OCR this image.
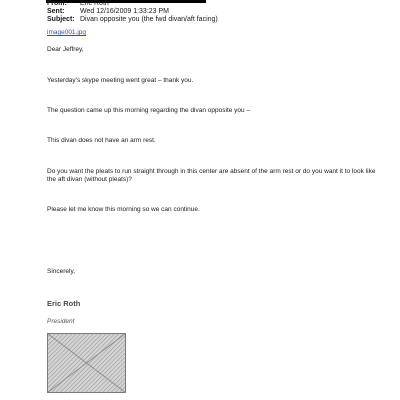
From: Eric Roth
Sent: Wed 12/16/2009 1:33:23 PM
Subject: Divan opposite you (the fwd divan/aft facing)
image001.jpg
Dear Jeffrey,
Yesterday’s skype meeting went great – thank you.
The question came up this morning regarding the divan opposite you –
This divan does not have an arm rest.
Do you want the pleats to run straight through in this center are absent of the arm rest or do you want it to look like the aft divan (without pleats)?
Please let me know this morning so we can continue.
Sincerely,
Eric Roth
President
